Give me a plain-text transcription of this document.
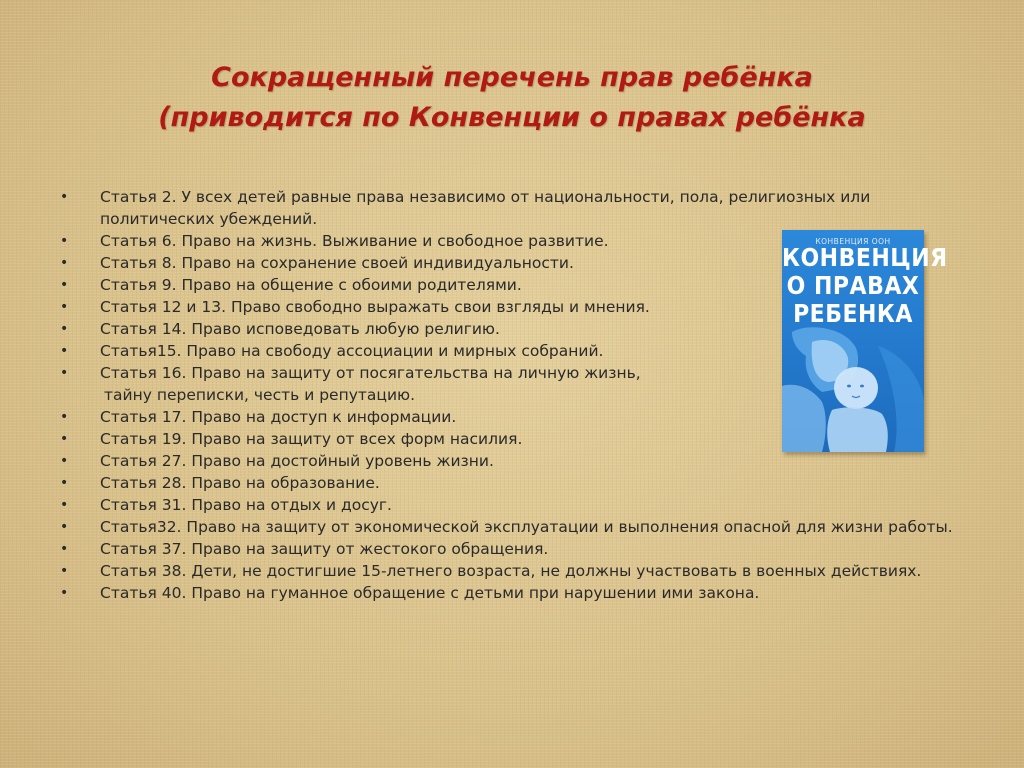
Сокращенный перечень прав ребёнка
(приводится по Конвенции о правах ребёнка
• Статья 2. У всех детей равные права независимо от национальности, пола, религиозных или политических убеждений.
• Статья 6. Право на жизнь. Выживание и свободное развитие.
• Статья 8. Право на сохранение своей индивидуальности.
• Статья 9. Право на общение с обоими родителями.
• Статья 12 и 13. Право свободно выражать свои взгляды и мнения.
• Статья 14. Право исповедовать любую религию.
• Статья15. Право на свободу ассоциации и мирных собраний.
• Статья 16. Право на защиту от посягательства на личную жизнь,
тайну переписки, честь и репутацию.
• Статья 17. Право на доступ к информации.
• Статья 19. Право на защиту от всех форм насилия.
• Статья 27. Право на достойный уровень жизни.
• Статья 28. Право на образование.
• Статья 31. Право на отдых и досуг.
• Статья32. Право на защиту от экономической эксплуатации и выполнения опасной для жизни работы.
• Статья 37. Право на защиту от жестокого обращения.
• Статья 38. Дети, не достигшие 15-летнего возраста, не должны участвовать в военных действиях.
• Статья 40. Право на гуманное обращение с детьми при нарушении ими закона.
КОНВЕНЦИЯ ООН
КОНВЕНЦИЯ
О ПРАВАХ
РЕБЕНКА
